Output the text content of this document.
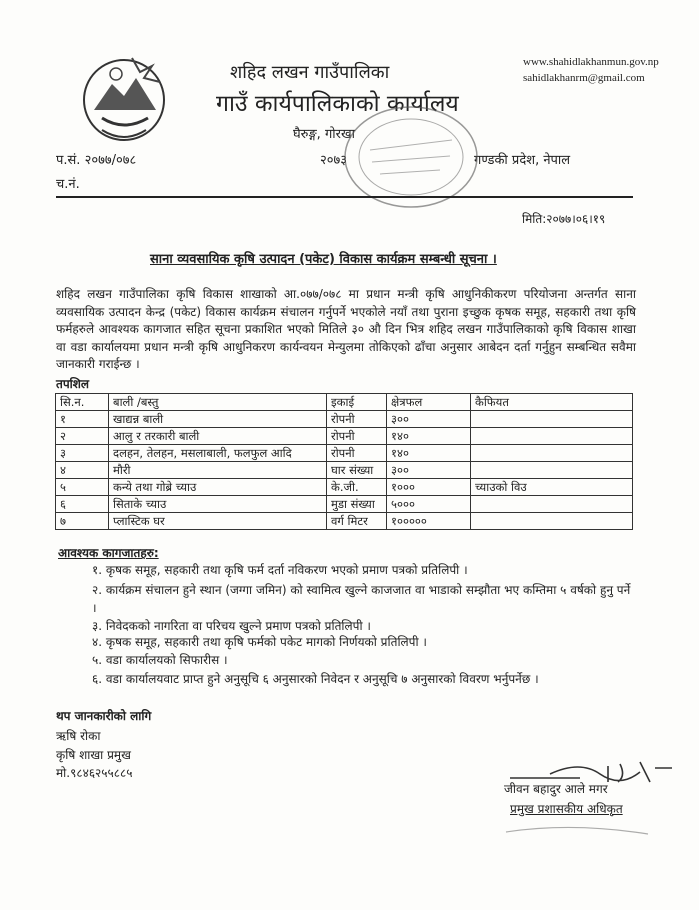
शहिद लखन गाउँपालिका
गाउँ कार्यपालिकाको कार्यालय
घैरुङ्ग, गोरखा
२०७३	गण्डकी प्रदेश, नेपाल
www.shahidlakhanmun.gov.np
sahidlakhanrm@gmail.com
प.सं. २०७७/०७८
च.नं.
मिति:२०७७।०६।१९
साना व्यवसायिक कृषि उत्पादन (पकेट) विकास कार्यक्रम सम्बन्धी सूचना ।

शहिद लखन गाउँपालिका कृषि विकास शाखाको आ.०७७/०७८ मा प्रधान मन्त्री कृषि आधुनिकीकरण परियोजना अन्तर्गत साना व्यवसायिक उत्पादन केन्द्र (पकेट) विकास कार्यक्रम संचालन गर्नुपर्ने भएकोले नयाँ तथा पुराना इच्छुक कृषक समूह, सहकारी तथा कृषि फर्महरुले आवश्यक कागजात सहित सूचना प्रकाशित भएको मितिले ३० औ दिन भित्र शहिद लखन गाउँपालिकाको कृषि विकास शाखा वा वडा कार्यालयमा प्रधान मन्त्री कृषि आधुनिकरण कार्यन्वयन मेन्युलमा तोकिएको ढाँचा अनुसार आबेदन दर्ता गर्नुहुन सम्बन्धित सवैमा जानकारी गराईन्छ ।

तपशिल
सि.न.	बाली /बस्तु	इकाई	क्षेत्रफल	कैफियत
१	खाद्यन्न बाली	रोपनी	३००	
२	आलु र तरकारी बाली	रोपनी	१४०	
३	दलहन, तेलहन, मसलाबाली, फलफुल आदि	रोपनी	१४०	
४	मौरी	घार संख्या	३००	
५	कन्ये तथा गोब्रे च्याउ	के.जी.	१०००	च्याउको विउ
६	सिताके च्याउ	मुडा संख्या	५०००	
७	प्लास्टिक घर	वर्ग मिटर	१०००००	
आवश्यक कागजातहरु:

१. कृषक समूह, सहकारी तथा कृषि फर्म दर्ता नविकरण भएको प्रमाण पत्रको प्रतिलिपी ।

२. कार्यक्रम संचालन हुने स्थान (जग्गा जमिन) को स्वामित्व खुल्ने काजजात वा भाडाको सम्झौता भए कम्तिमा ५ वर्षको हुनु पर्ने ।

३. निवेदकको नागरिता वा परिचय खुल्ने प्रमाण पत्रको प्रतिलिपी ।

४. कृषक समूह, सहकारी तथा कृषि फर्मको पकेट मागको निर्णयको प्रतिलिपी ।

५. वडा कार्यालयको सिफारीस ।

६. वडा कार्यालयवाट प्राप्त हुने अनुसूचि ६ अनुसारको निवेदन र अनुसूचि ७ अनुसारको विवरण भर्नुपर्नेछ ।

थप जानकारीको लागि
ऋषि रोका
कृषि शाखा प्रमुख
मो.९८४६२५५८८५
जीवन बहादुर आले मगर
प्रमुख प्रशासकीय अधिकृत
